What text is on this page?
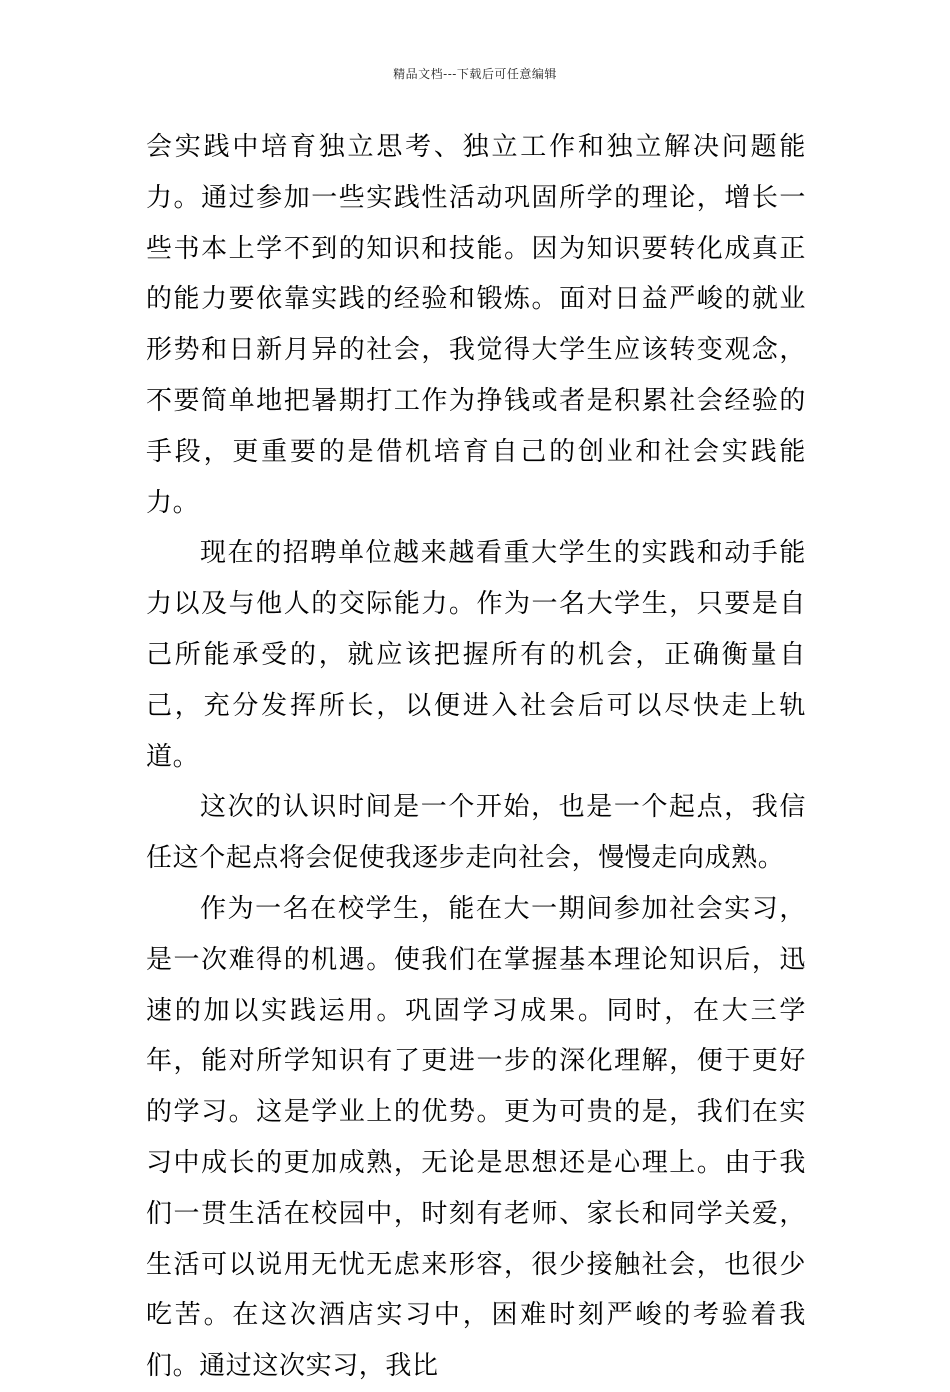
精品文档---下载后可任意编辑

会实践中培育独立思考、独立工作和独立解决问题能力。通过参加一些实践性活动巩固所学的理论，增长一些书本上学不到的知识和技能。因为知识要转化成真正的能力要依靠实践的经验和锻炼。面对日益严峻的就业形势和日新月异的社会，我觉得大学生应该转变观念，不要简单地把暑期打工作为挣钱或者是积累社会经验的手段，更重要的是借机培育自己的创业和社会实践能力。

现在的招聘单位越来越看重大学生的实践和动手能力以及与他人的交际能力。作为一名大学生，只要是自己所能承受的，就应该把握所有的机会，正确衡量自己，充分发挥所长，以便进入社会后可以尽快走上轨道。

这次的认识时间是一个开始，也是一个起点，我信任这个起点将会促使我逐步走向社会，慢慢走向成熟。

作为一名在校学生，能在大一期间参加社会实习，是一次难得的机遇。使我们在掌握基本理论知识后，迅速的加以实践运用。巩固学习成果。同时，在大三学年，能对所学知识有了更进一步的深化理解，便于更好的学习。这是学业上的优势。更为可贵的是，我们在实习中成长的更加成熟，无论是思想还是心理上。由于我们一贯生活在校园中，时刻有老师、家长和同学关爱，生活可以说用无忧无虑来形容，很少接触社会，也很少吃苦。在这次酒店实习中，困难时刻严峻的考验着我们。通过这次实习，我比
